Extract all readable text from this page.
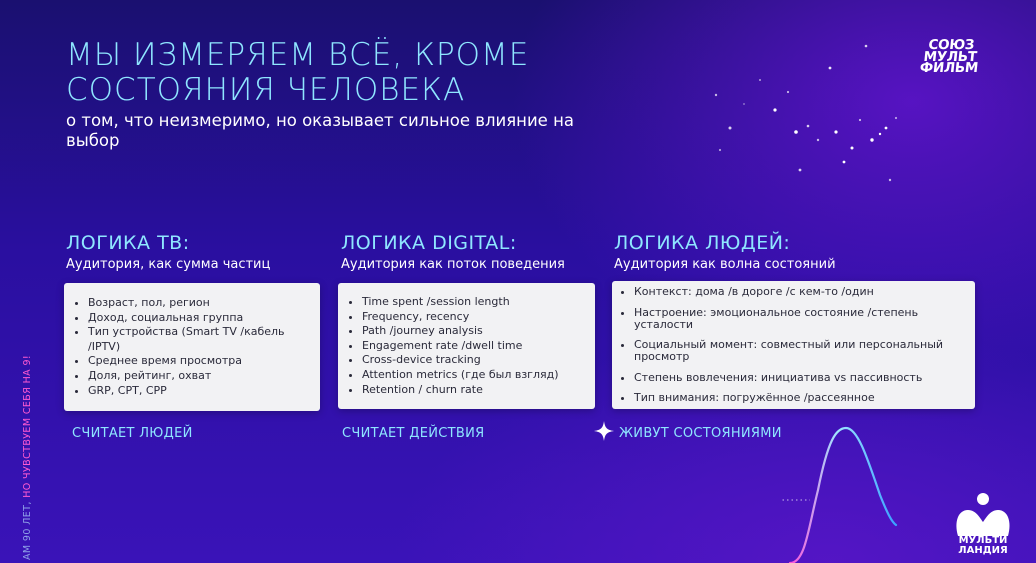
МЫ ИЗМЕРЯЕМ ВСЁ, КРОМЕ СОСТОЯНИЯ ЧЕЛОВЕКА

о том, что неизмеримо, но оказывает сильное влияние на выбор

СОЮЗ
МУЛЬТ
ФИЛЬМ
ЛОГИКА ТВ:
Аудитория, как сумма частиц
• Возраст, пол, регион
• Доход, социальная группа
• Тип устройства (Smart TV /кабель /IPTV)
• Среднее время просмотра
• Доля, рейтинг, охват
• GRP, CPT, CPP
СЧИТАЕТ ЛЮДЕЙ
ЛОГИКА DIGITAL:
Аудитория как поток поведения
• Time spent /session length
• Frequency, recency
• Path /journey analysis
• Engagement rate /dwell time
• Cross-device tracking
• Attention metrics (где был взгляд)
• Retention / churn rate
СЧИТАЕТ ДЕЙСТВИЯ
ЛОГИКА ЛЮДЕЙ:
Аудитория как волна состояний
• Контекст: дома /в дороге /с кем-то /один
• Настроение: эмоциональное состояние /степень усталости
• Социальный момент: совместный или персональный просмотр
• Степень вовлечения: инициатива vs пассивность
• Тип внимания: погружённое /рассеянное
ЖИВУТ СОСТОЯНИЯМИ
АМ 90 ЛЕТ, НО ЧУВСТВУЕМ СЕБЯ НА 9!
МУЛЬТИ
ЛАНДИЯ
